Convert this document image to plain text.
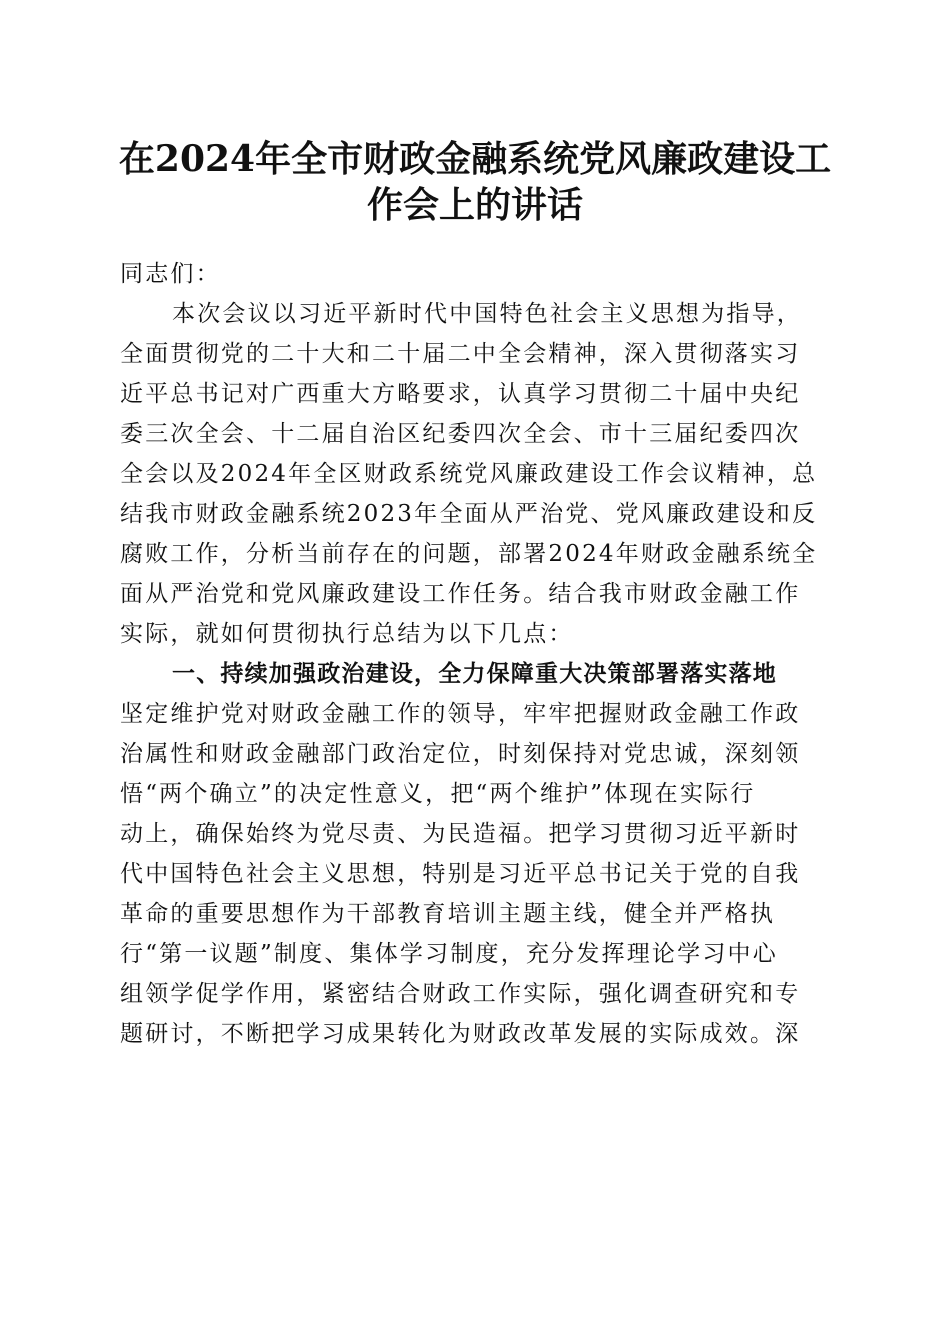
在2024年全市财政金融系统党风廉政建设工
作会上的讲话
同志们：
本次会议以习近平新时代中国特色社会主义思想为指导，
全面贯彻党的二十大和二十届二中全会精神，深入贯彻落实习
近平总书记对广西重大方略要求，认真学习贯彻二十届中央纪
委三次全会、十二届自治区纪委四次全会、市十三届纪委四次
全会以及2024年全区财政系统党风廉政建设工作会议精神，总
结我市财政金融系统2023年全面从严治党、党风廉政建设和反
腐败工作，分析当前存在的问题，部署2024年财政金融系统全
面从严治党和党风廉政建设工作任务。结合我市财政金融工作
实际，就如何贯彻执行总结为以下几点：
一、持续加强政治建设，全力保障重大决策部署落实落地
坚定维护党对财政金融工作的领导，牢牢把握财政金融工作政
治属性和财政金融部门政治定位，时刻保持对党忠诚，深刻领
悟“两个确立”的决定性意义，把“两个维护”体现在实际行
动上，确保始终为党尽责、为民造福。把学习贯彻习近平新时
代中国特色社会主义思想，特别是习近平总书记关于党的自我
革命的重要思想作为干部教育培训主题主线，健全并严格执
行“第一议题”制度、集体学习制度，充分发挥理论学习中心
组领学促学作用，紧密结合财政工作实际，强化调查研究和专
题研讨，不断把学习成果转化为财政改革发展的实际成效。深
